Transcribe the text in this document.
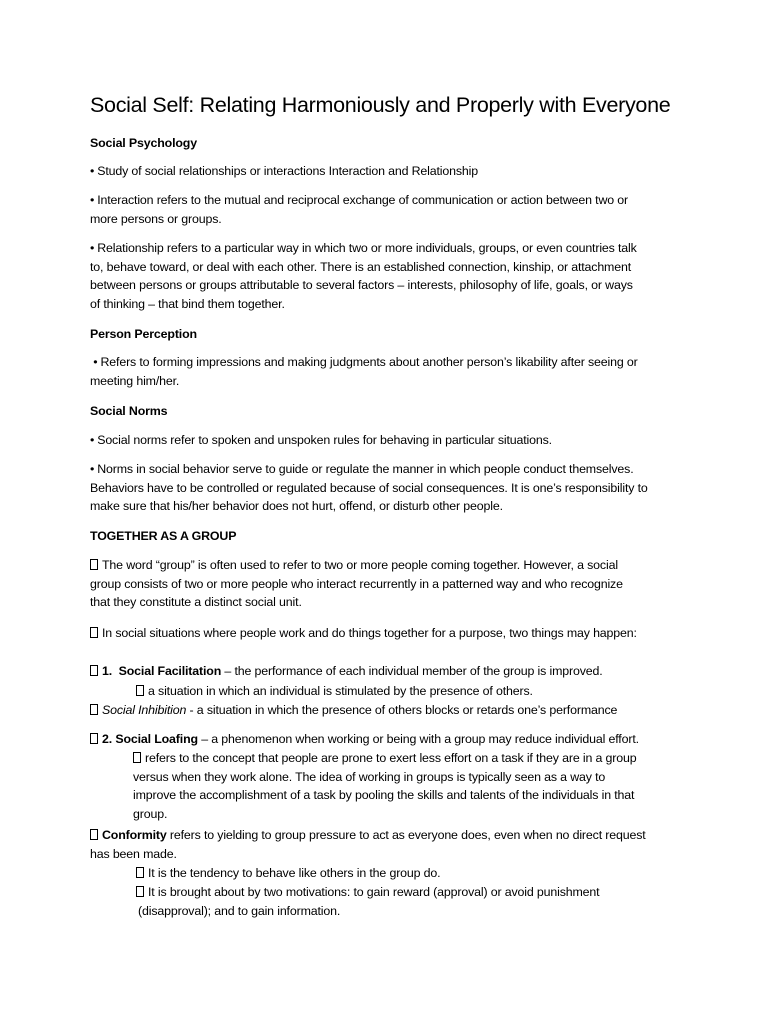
Social Self: Relating Harmoniously and Properly with Everyone

Social Psychology

• Study of social relationships or interactions Interaction and Relationship

• Interaction refers to the mutual and reciprocal exchange of communication or action between two or
more persons or groups.

• Relationship refers to a particular way in which two or more individuals, groups, or even countries talk
to, behave toward, or deal with each other. There is an established connection, kinship, or attachment
between persons or groups attributable to several factors – interests, philosophy of life, goals, or ways
of thinking – that bind them together.

Person Perception

• Refers to forming impressions and making judgments about another person’s likability after seeing or
meeting him/her.

Social Norms

• Social norms refer to spoken and unspoken rules for behaving in particular situations.

• Norms in social behavior serve to guide or regulate the manner in which people conduct themselves.
Behaviors have to be controlled or regulated because of social consequences. It is one’s responsibility to
make sure that his/her behavior does not hurt, offend, or disturb other people.

TOGETHER AS A GROUP

The word “group” is often used to refer to two or more people coming together. However, a social
group consists of two or more people who interact recurrently in a patterned way and who recognize
that they constitute a distinct social unit.

In social situations where people work and do things together for a purpose, two things may happen:

1. Social Facilitation – the performance of each individual member of the group is improved.

a situation in which an individual is stimulated by the presence of others.

Social Inhibition - a situation in which the presence of others blocks or retards one’s performance

2. Social Loafing – a phenomenon when working or being with a group may reduce individual effort.

refers to the concept that people are prone to exert less effort on a task if they are in a group
versus when they work alone. The idea of working in groups is typically seen as a way to
improve the accomplishment of a task by pooling the skills and talents of the individuals in that
group.

Conformity refers to yielding to group pressure to act as everyone does, even when no direct request
has been made.

It is the tendency to behave like others in the group do.

It is brought about by two motivations: to gain reward (approval) or avoid punishment
(disapproval); and to gain information.
